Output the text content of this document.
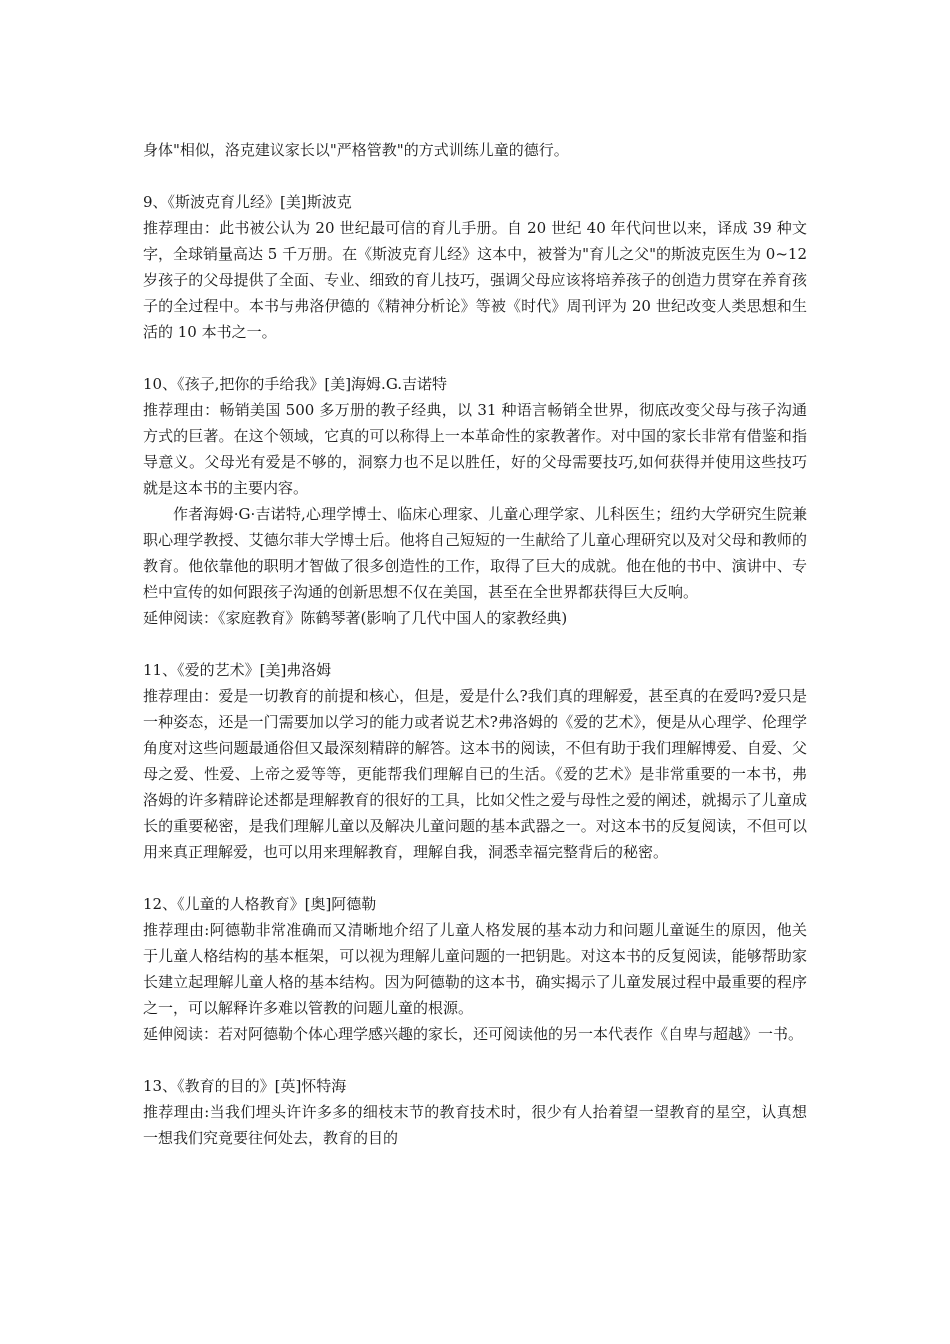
身体"相似，洛克建议家长以"严格管教"的方式训练儿童的德行。

9、《斯波克育儿经》[美]斯波克

推荐理由：此书被公认为 20 世纪最可信的育儿手册。自 20 世纪 40 年代问世以来，译成 39 种文字，全球销量高达 5 千万册。在《斯波克育儿经》这本中，被誉为"育儿之父"的斯波克医生为 0~12 岁孩子的父母提供了全面、专业、细致的育儿技巧，强调父母应该将培养孩子的创造力贯穿在养育孩子的全过程中。本书与弗洛伊德的《精神分析论》等被《时代》周刊评为 20 世纪改变人类思想和生活的 10 本书之一。

10、《孩子,把你的手给我》[美]海姆.G.吉诺特

推荐理由：畅销美国 500 多万册的教子经典，以 31 种语言畅销全世界，彻底改变父母与孩子沟通方式的巨著。在这个领域，它真的可以称得上一本革命性的家教著作。对中国的家长非常有借鉴和指导意义。父母光有爱是不够的，洞察力也不足以胜任，好的父母需要技巧,如何获得并使用这些技巧就是这本书的主要内容。

作者海姆·G·吉诺特,心理学博士、临床心理家、儿童心理学家、儿科医生；纽约大学研究生院兼职心理学教授、艾德尔菲大学博士后。他将自己短短的一生献给了儿童心理研究以及对父母和教师的教育。他依靠他的职明才智做了很多创造性的工作，取得了巨大的成就。他在他的书中、演讲中、专栏中宣传的如何跟孩子沟通的创新思想不仅在美国，甚至在全世界都获得巨大反响。

延伸阅读：《家庭教育》陈鹤琴著(影响了几代中国人的家教经典)

11、《爱的艺术》[美]弗洛姆

推荐理由：爱是一切教育的前提和核心，但是，爱是什么?我们真的理解爱，甚至真的在爱吗?爱只是一种姿态，还是一门需要加以学习的能力或者说艺术?弗洛姆的《爱的艺术》，便是从心理学、伦理学角度对这些问题最通俗但又最深刻精辟的解答。这本书的阅读，不但有助于我们理解博爱、自爱、父母之爱、性爱、上帝之爱等等，更能帮我们理解自已的生活。《爱的艺术》是非常重要的一本书，弗洛姆的许多精辟论述都是理解教育的很好的工具，比如父性之爱与母性之爱的阐述，就揭示了儿童成长的重要秘密，是我们理解儿童以及解决儿童问题的基本武器之一。对这本书的反复阅读，不但可以用来真正理解爱，也可以用来理解教育，理解自我，洞悉幸福完整背后的秘密。

12、《儿童的人格教育》[奥]阿德勒

推荐理由:阿德勒非常准确而又清晰地介绍了儿童人格发展的基本动力和问题儿童诞生的原因，他关于儿童人格结构的基本框架，可以视为理解儿童问题的一把钥匙。对这本书的反复阅读，能够帮助家长建立起理解儿童人格的基本结构。因为阿德勒的这本书，确实揭示了儿童发展过程中最重要的程序之一，可以解释许多难以管教的问题儿童的根源。

延伸阅读：若对阿德勒个体心理学感兴趣的家长，还可阅读他的另一本代表作《自卑与超越》一书。

13、《教育的目的》[英]怀特海

推荐理由:当我们埋头许许多多的细枝末节的教育技术时，很少有人抬着望一望教育的星空，认真想一想我们究竟要往何处去，教育的目的
